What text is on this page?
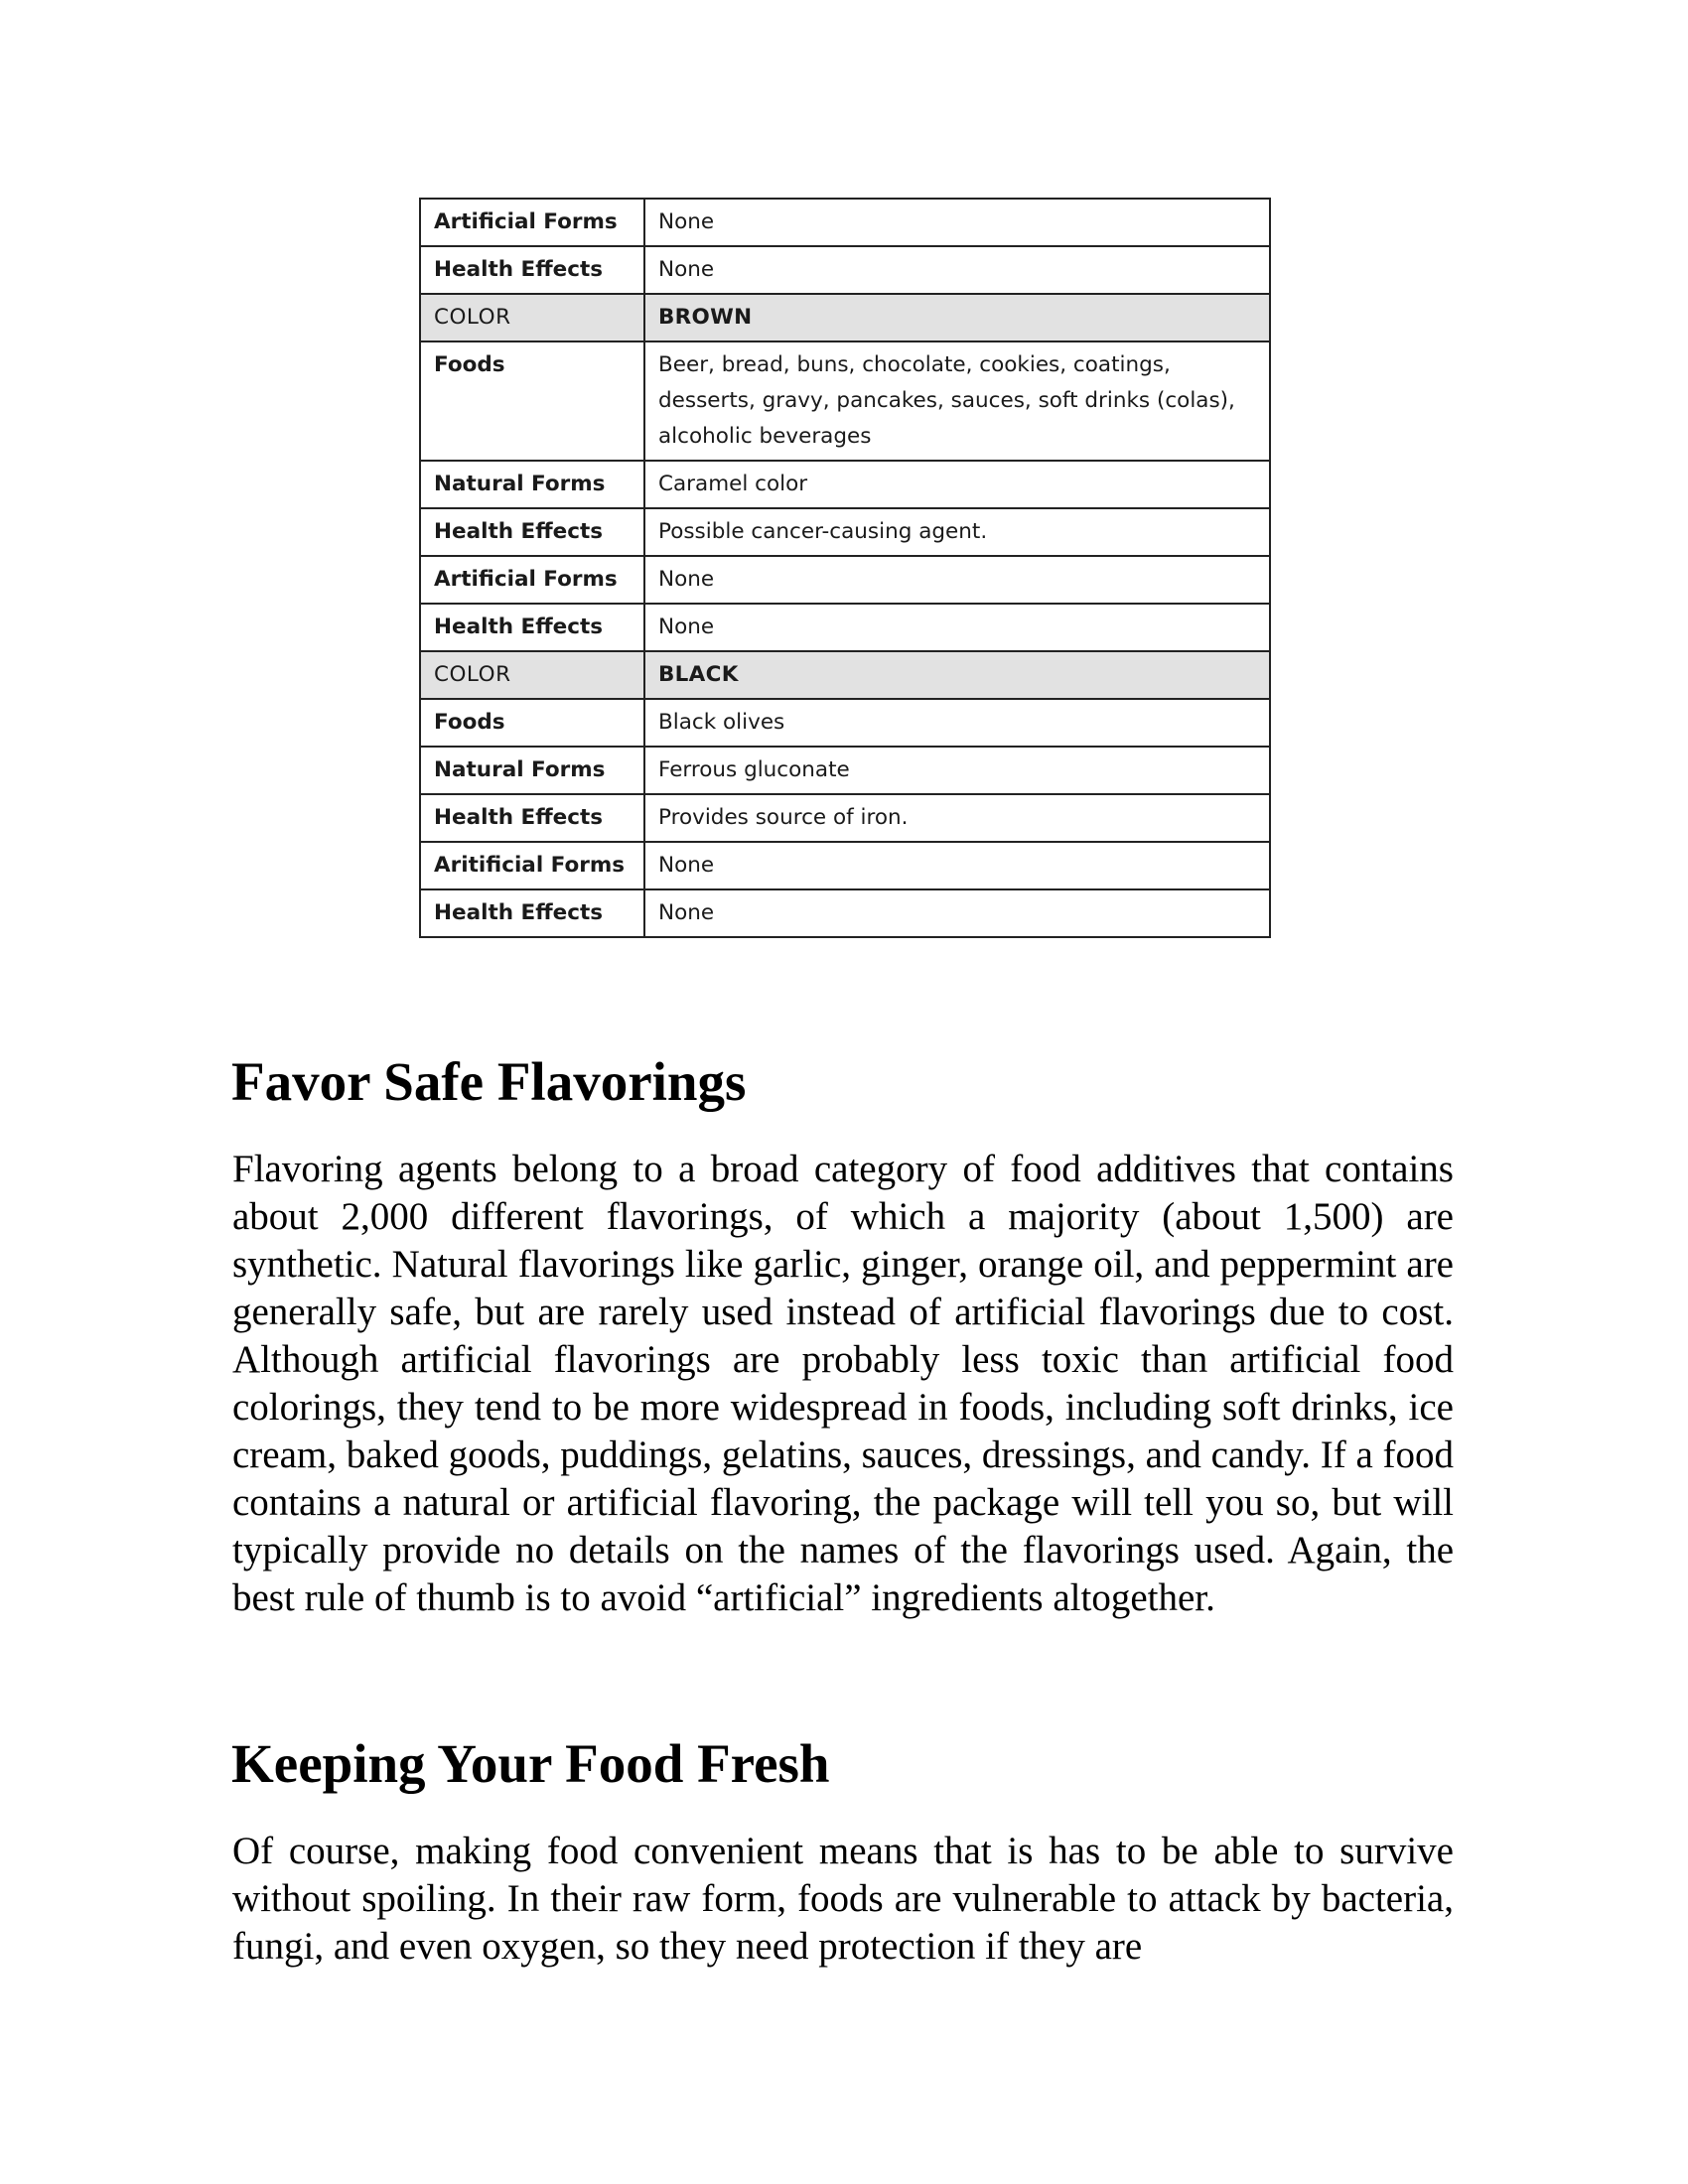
Artificial Forms	None
Health Effects	None
COLOR	BROWN
Foods	Beer, bread, buns, chocolate, cookies, coatings, desserts, gravy, pancakes, sauces, soft drinks (colas), alcoholic beverages
Natural Forms	Caramel color
Health Effects	Possible cancer-causing agent.
Artificial Forms	None
Health Effects	None
COLOR	BLACK
Foods	Black olives
Natural Forms	Ferrous gluconate
Health Effects	Provides source of iron.
Aritificial Forms	None
Health Effects	None
Favor Safe Flavorings

Flavoring agents belong to a broad category of food additives that contains about 2,000 different flavorings, of which a majority (about 1,500) are synthetic. Natural flavorings like garlic, ginger, orange oil, and peppermint are generally safe, but are rarely used instead of artificial flavorings due to cost. Although artificial flavorings are probably less toxic than artificial food colorings, they tend to be more widespread in foods, including soft drinks, ice cream, baked goods, puddings, gelatins, sauces, dressings, and candy. If a food contains a natural or artificial flavoring, the package will tell you so, but will typically provide no details on the names of the flavorings used. Again, the best rule of thumb is to avoid “artificial” ingredients altogether.

Keeping Your Food Fresh

Of course, making food convenient means that is has to be able to survive without spoiling. In their raw form, foods are vulnerable to attack by bacteria, fungi, and even oxygen, so they need protection if they are
